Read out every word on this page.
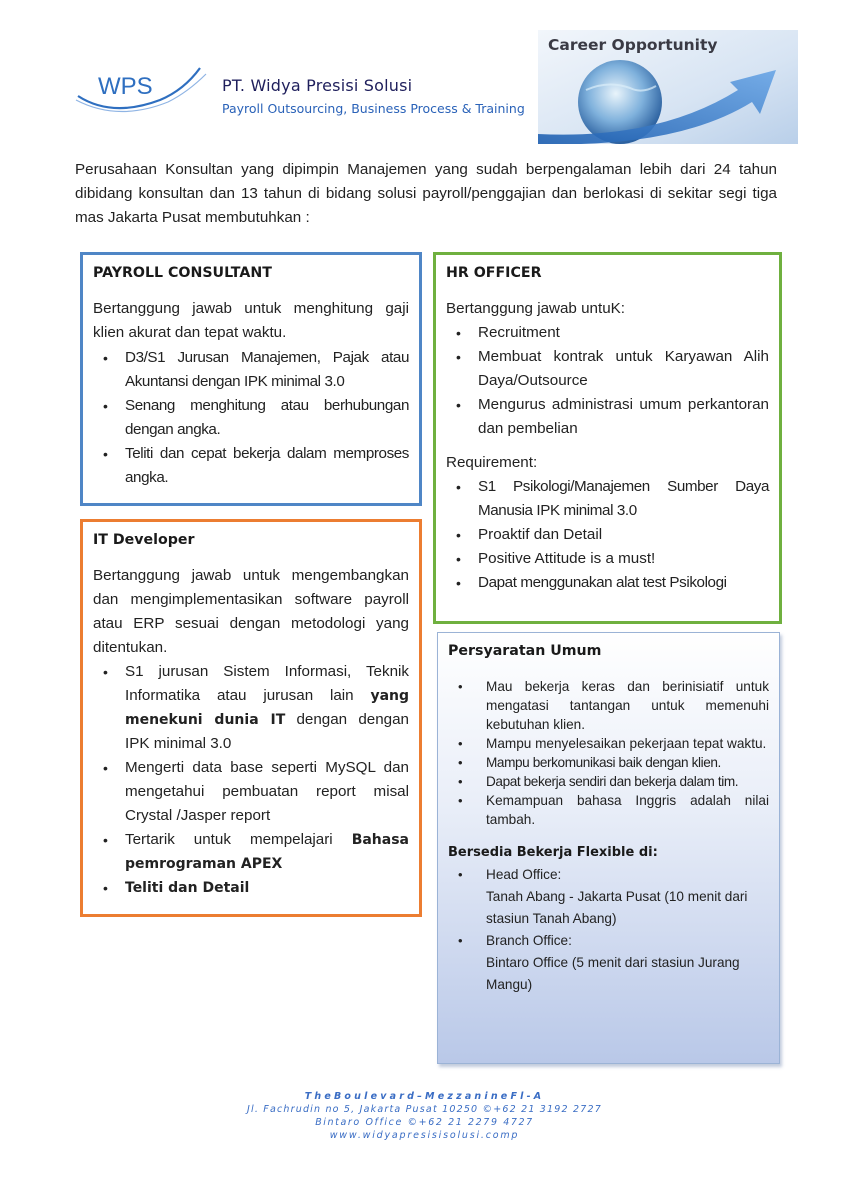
WPS	PT. Widya Presisi Solusi
Payroll Outsourcing, Business Process & Training
Career Opportunity
Perusahaan Konsultan yang dipimpin Manajemen yang sudah berpengalaman lebih dari 24 tahun dibidang konsultan dan 13 tahun di bidang solusi payroll/penggajian dan berlokasi di sekitar segi tiga mas Jakarta Pusat membutuhkan :
PAYROLL CONSULTANT
Bertanggung jawab untuk menghitung gaji klien akurat dan tepat waktu.
• D3/S1 Jurusan Manajemen, Pajak atau Akuntansi dengan IPK minimal 3.0
• Senang menghitung atau berhubungan dengan angka.
• Teliti dan cepat bekerja dalam memproses angka.
HR OFFICER
Bertanggung jawab untuK:
• Recruitment
• Membuat kontrak untuk Karyawan Alih Daya/Outsource
• Mengurus administrasi umum perkantoran dan pembelian
Requirement:
• S1 Psikologi/Manajemen Sumber Daya Manusia IPK minimal 3.0
• Proaktif dan Detail
• Positive Attitude is a must!
• Dapat menggunakan alat test Psikologi
IT Developer
Bertanggung jawab untuk mengembangkan dan mengimplementasikan software payroll atau ERP sesuai dengan metodologi yang ditentukan.
• S1 jurusan Sistem Informasi, Teknik Informatika atau jurusan lain yang menekuni dunia IT dengan dengan IPK minimal 3.0
• Mengerti data base seperti MySQL dan mengetahui pembuatan report misal Crystal /Jasper report
• Tertarik untuk mempelajari Bahasa pemrograman APEX
• Teliti dan Detail
Persyaratan Umum
• Mau bekerja keras dan berinisiatif untuk mengatasi tantangan untuk memenuhi kebutuhan klien.
• Mampu menyelesaikan pekerjaan tepat waktu.
• Mampu berkomunikasi baik dengan klien.
• Dapat bekerja sendiri dan bekerja dalam tim.
• Kemampuan bahasa Inggris adalah nilai tambah.
Bersedia Bekerja Flexible di:
• Head Office:
Tanah Abang - Jakarta Pusat (10 menit dari stasiun Tanah Abang)
• Branch Office:
Bintaro Office (5 menit dari stasiun Jurang Mangu)
TheBoulevard–MezzanineFl-A
Jl. Fachrudin no 5, Jakarta Pusat 10250 ©+62 21 3192 2727
Bintaro Office ©+62 21 2279 4727
www.widyapresisisolusi.comp
